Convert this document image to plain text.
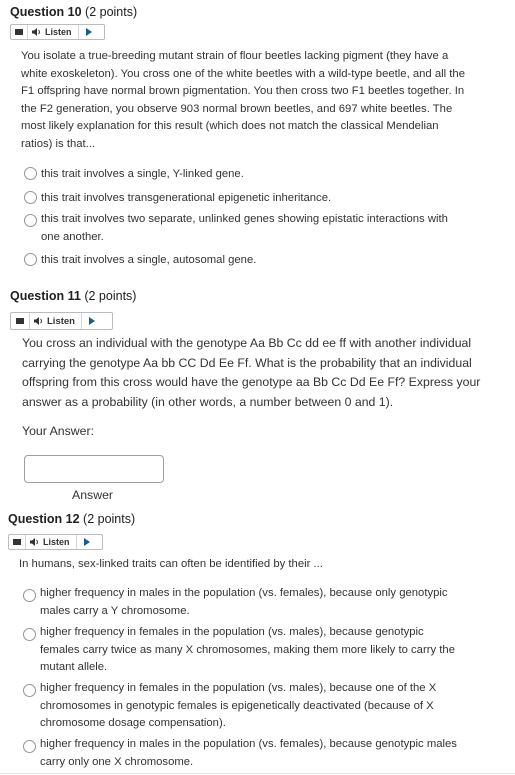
Question 10 (2 points)
Listen
You isolate a true-breeding mutant strain of flour beetles lacking pigment (they have a white exoskeleton). You cross one of the white beetles with a wild-type beetle, and all the F1 offspring have normal brown pigmentation. You then cross two F1 beetles together. In the F2 generation, you observe 903 normal brown beetles, and 697 white beetles. The most likely explanation for this result (which does not match the classical Mendelian ratios) is that...
this trait involves a single, Y-linked gene.
this trait involves transgenerational epigenetic inheritance.
this trait involves two separate, unlinked genes showing epistatic interactions with one another.
this trait involves a single, autosomal gene.
Question 11 (2 points)
Listen
You cross an individual with the genotype Aa Bb Cc dd ee ff with another individual carrying the genotype Aa bb CC Dd Ee Ff. What is the probability that an individual offspring from this cross would have the genotype aa Bb Cc Dd Ee Ff? Express your answer as a probability (in other words, a number between 0 and 1).
Your Answer:
Answer
Question 12 (2 points)
Listen
In humans, sex-linked traits can often be identified by their ...
higher frequency in males in the population (vs. females), because only genotypic males carry a Y chromosome.
higher frequency in females in the population (vs. males), because genotypic females carry twice as many X chromosomes, making them more likely to carry the mutant allele.
higher frequency in females in the population (vs. males), because one of the X chromosomes in genotypic females is epigenetically deactivated (because of X chromosome dosage compensation).
higher frequency in males in the population (vs. females), because genotypic males carry only one X chromosome.
